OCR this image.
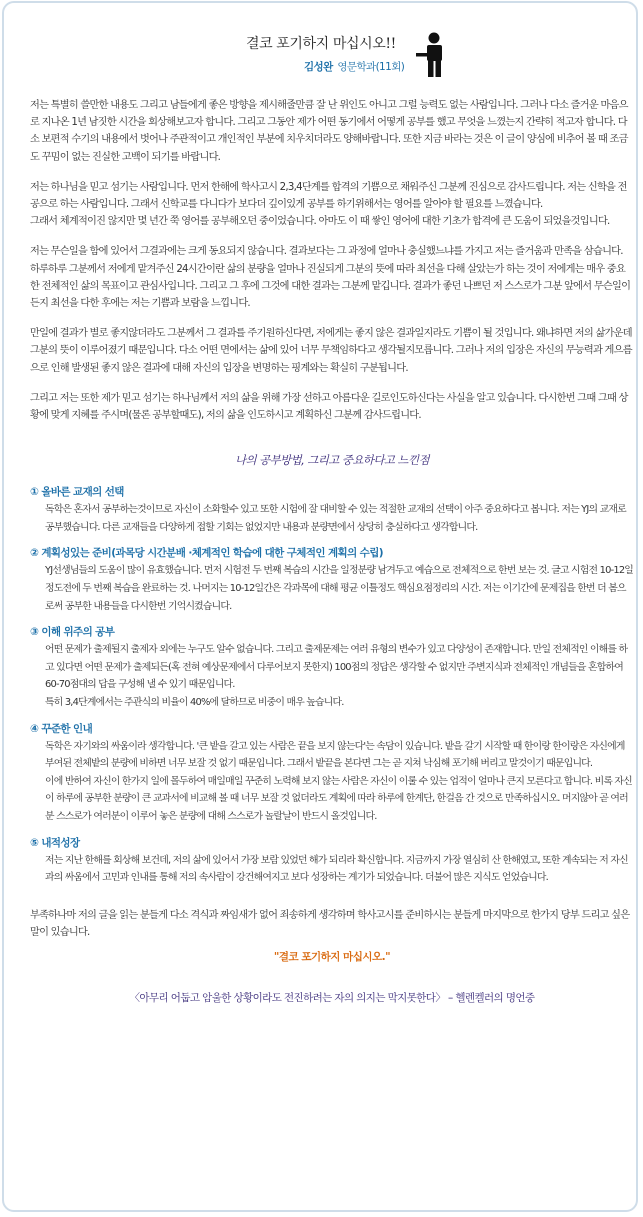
결코 포기하지 마십시오!!
김성완 영문학과(11회)

저는 특별히 쓸만한 내용도 그리고 남들에게 좋은 방향을 제시해줄만큼 잘 난 위인도 아니고 그럴 능력도 없는 사람입니다. 그러나 다소 즐거운 마음으로 지나온 1년 남짓한 시간을 회상해보고자 합니다. 그리고 그동안 제가 어떤 동기에서 어떻게 공부를 했고 무엇을 느꼈는지 간략히 적고자 합니다. 다소 보편적 수기의 내용에서 벗어나 주관적이고 개인적인 부분에 치우치더라도 양해바랍니다. 또한 지금 바라는 것은 이 글이 양심에 비추어 볼 때 조금도 꾸밈이 없는 진실한 고백이 되기를 바랍니다.

저는 하나님을 믿고 섬기는 사람입니다. 먼저 한해에 학사고시 2,3,4단계를 합격의 기쁨으로 채워주신 그분께 진심으로 감사드립니다. 저는 신학을 전공으로 하는 사람입니다. 그래서 신학교를 다니다가 보다더 깊이있게 공부를 하기위해서는 영어를 알아야 할 필요를 느꼈습니다.

그래서 체계적이진 않지만 몇 년간 쭉 영어를 공부해오던 중이었습니다. 아마도 이 때 쌓인 영어에 대한 기초가 합격에 큰 도움이 되었을것입니다.

저는 무슨일을 함에 있어서 그결과에는 크게 동요되지 않습니다. 결과보다는 그 과정에 얼마나 충실했느냐를 가지고 저는 즐거움과 만족을 삼습니다. 하루하루 그분께서 저에게 맡겨주신 24시간이란 삶의 분량을 얼마나 진실되게 그분의 뜻에 따라 최선을 다해 살았는가 하는 것이 저에게는 매우 중요한 전체적인 삶의 목표이고 관심사입니다. 그리고 그 후에 그것에 대한 결과는 그분께 맡깁니다. 결과가 좋던 나쁘던 저 스스로가 그분 앞에서 무슨일이든지 최선을 다한 후에는 저는 기쁨과 보람을 느낍니다.

만일에 결과가 별로 좋지않더라도 그분께서 그 결과를 주기원하신다면, 저에게는 좋지 않은 결과일지라도 기쁨이 될 것입니다. 왜냐하면 저의 삶가운데 그분의 뜻이 이루어졌기 때문입니다. 다소 어떤 면에서는 삶에 있어 너무 무책임하다고 생각될지모릅니다. 그러나 저의 입장은 자신의 무능력과 게으름으로 인해 발생된 좋지 않은 결과에 대해 자신의 입장을 변명하는 핑계와는 확실히 구분됩니다.

그리고 저는 또한 제가 믿고 섬기는 하나님께서 저의 삶을 위해 가장 선하고 아름다운 길로인도하신다는 사실을 알고 있습니다. 다시한번 그때 그때 상황에 맞게 지혜를 주시며(물론 공부할때도), 저의 삶을 인도하시고 계획하신 그분께 감사드립니다.

나의 공부방법, 그리고 중요하다고 느낀점
① 올바른 교재의 선택
독학은 혼자서 공부하는것이므로 자신이 소화할수 있고 또한 시험에 잘 대비할 수 있는 적절한 교재의 선택이 아주 중요하다고 봅니다. 저는 YJ의 교재로 공부했습니다. 다른 교재들을 다양하게 접할 기회는 없었지만 내용과 분량면에서 상당히 충실하다고 생각합니다.
② 계획성있는 준비(과목당 시간분배 ·체계적인 학습에 대한 구체적인 계획의 수립)
YJ선생님들의 도움이 많이 유효했습니다. 먼저 시험전 두 번째 복습의 시간을 일정분량 남겨두고 예습으로 전체적으로 한번 보는 것. 글고 시험전 10-12일 정도전에 두 번째 복습을 완료하는 것. 나머지는 10-12일간은 각과목에 대해 평균 이틀정도 핵심요점정리의 시간. 저는 이기간에 문제집을 한번 더 봄으로써 공부한 내용들을 다시한번 기억시켰습니다.
③ 이해 위주의 공부
어떤 문제가 출제될지 출제자 외에는 누구도 알수 없습니다. 그리고 출제문제는 여러 유형의 변수가 있고 다양성이 존재합니다. 만일 전체적인 이해를 하고 있다면 어떤 문제가 출제되든(혹 전혀 예상문제에서 다루어보지 못한지) 100점의 정답은 생각할 수 없지만 주변지식과 전체적인 개념들을 혼합하여 60-70점대의 답을 구성해 낼 수 있기 때문입니다.
특히 3,4단계에서는 주관식의 비율이 40%에 달하므로 비중이 매우 높습니다.
④ 꾸준한 인내
독학은 자기와의 싸움이라 생각합니다. '큰 밭을 갈고 있는 사람은 끝을 보지 않는다'는 속담이 있습니다. 밭을 갈기 시작할 때 한이랑 한이랑은 자신에게 부여된 전체밭의 분량에 비하면 너무 보잘 것 없기 때문입니다. 그래서 밭끝을 본다면 그는 곧 지쳐 낙심해 포기해 버리고 말것이기 때문입니다.
이에 반하여 자신이 한가지 일에 몰두하여 매일매일 꾸준히 노력해 보지 않는 사람은 자신이 이룰 수 있는 업적이 얼마나 큰지 모른다고 합니다. 비록 자신이 하루에 공부한 분량이 큰 교과서에 비교해 볼 때 너무 보잘 것 없더라도 계획에 따라 하루에 한계단, 한걸음 간 것으로 만족하십시오. 머지않아 곧 여러분 스스로가 여러분이 이루어 놓은 분량에 대해 스스로가 놀랄날이 반드시 올것입니다.
⑤ 내적성장
저는 지난 한해를 회상해 보건데, 저의 삶에 있어서 가장 보람 있었던 해가 되리라 확신합니다. 지금까지 가장 열심히 산 한해였고, 또한 계속되는 저 자신과의 싸움에서 고민과 인내를 통해 저의 속사람이 강건해여지고 보다 성장하는 계기가 되었습니다. 더불어 많은 지식도 얻었습니다.

부족하나마 저의 글을 읽는 분들게 다소 격식과 짜임새가 없어 죄송하게 생각하며 학사고시를 준비하시는 분들게 마지막으로 한가지 당부 드리고 싶은 말이 있습니다.

"결코 포기하지 마십시오."
〈아무리 어둡고 암울한 상황이라도 전진하려는 자의 의지는 막지못한다〉 – 헬렌켈러의 명언중
